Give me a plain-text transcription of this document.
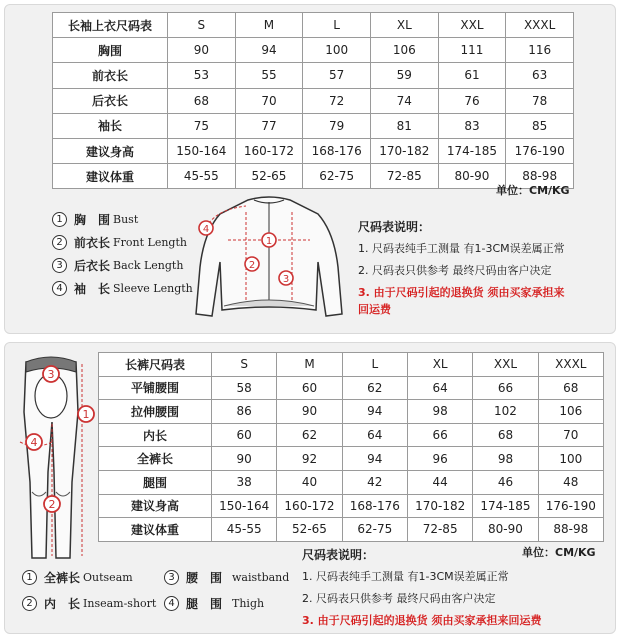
长袖上衣尺码表	S	M	L	XL	XXL	XXXL
胸围	90	94	100	106	111	116
前衣长	53	55	57	59	61	63
后衣长	68	70	72	74	76	78
袖长	75	77	79	81	83	85
建议身高	150-164	160-172	168-176	170-182	174-185	176-190
建议体重	45-55	52-65	62-75	72-85	80-90	88-98
单位：CM/KG
1 胸　围 Bust
2 前衣长 Front Length
3 后衣长 Back Length
4 袖　长 Sleeve Length
1
2
3
4	尺码表说明：
1. 尺码表纯手工测量 有1-3CM误差属正常
2. 尺码表只供参考 最终尺码由客户决定
3. 由于尺码引起的退换货 须由买家承担来
回运费
长裤尺码表	S	M	L	XL	XXL	XXXL
平铺腰围	58	60	62	64	66	68
拉伸腰围	86	90	94	98	102	106
内长	60	62	64	66	68	70
全裤长	90	92	94	96	98	100
腿围	38	40	42	44	46	48
建议身高	150-164	160-172	168-176	170-182	174-185	176-190
建议体重	45-55	52-65	62-75	72-85	80-90	88-98
1
2
3
4
单位：CM/KG
1 全裤长 Outseam
2 内　长 Inseam-short
3 腰　围 waistband
4 腿　围 Thigh
尺码表说明：
1. 尺码表纯手工测量 有1-3CM误差属正常
2. 尺码表只供参考 最终尺码由客户决定
3. 由于尺码引起的退换货 须由买家承担来回运费
